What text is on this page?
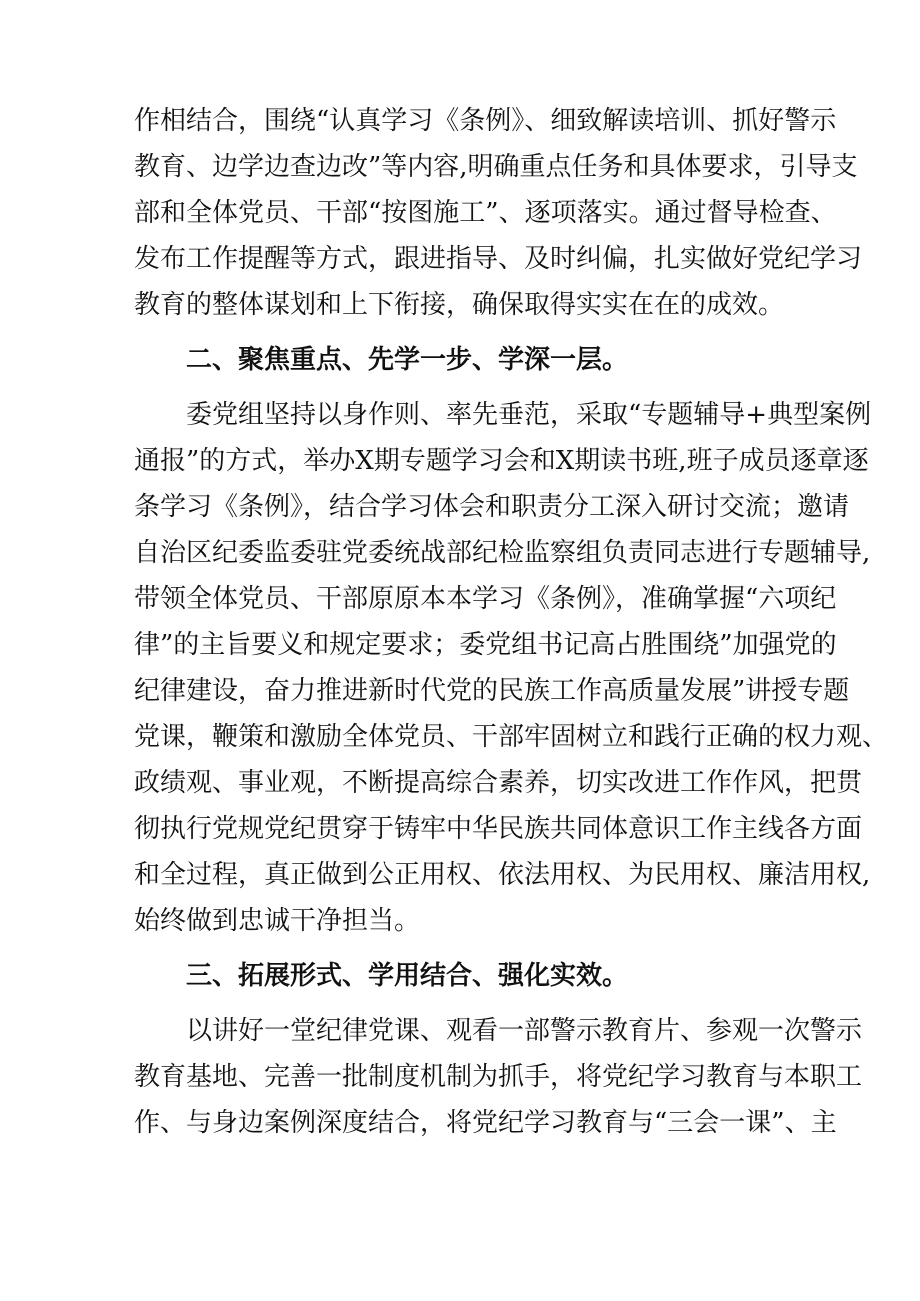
作相结合，围绕“认真学习《条例》、细致解读培训、抓好警示
教育、边学边查边改”等内容,明确重点任务和具体要求，引导支
部和全体党员、干部“按图施工”、逐项落实。通过督导检查、
发布工作提醒等方式，跟进指导、及时纠偏，扎实做好党纪学习
教育的整体谋划和上下衔接，确保取得实实在在的成效。
二、聚焦重点、先学一步、学深一层。
委党组坚持以身作则、率先垂范，采取“专题辅导+典型案例
通报”的方式，举办X期专题学习会和X期读书班,班子成员逐章逐
条学习《条例》，结合学习体会和职责分工深入研讨交流；邀请
自治区纪委监委驻党委统战部纪检监察组负责同志进行专题辅导,
带领全体党员、干部原原本本学习《条例》，准确掌握“六项纪
律”的主旨要义和规定要求；委党组书记高占胜围绕”加强党的
纪律建设，奋力推进新时代党的民族工作高质量发展”讲授专题
党课，鞭策和激励全体党员、干部牢固树立和践行正确的权力观、
政绩观、事业观，不断提高综合素养，切实改进工作作风，把贯
彻执行党规党纪贯穿于铸牢中华民族共同体意识工作主线各方面
和全过程，真正做到公正用权、依法用权、为民用权、廉洁用权,
始终做到忠诚干净担当。
三、拓展形式、学用结合、强化实效。
以讲好一堂纪律党课、观看一部警示教育片、参观一次警示
教育基地、完善一批制度机制为抓手，将党纪学习教育与本职工
作、与身边案例深度结合，将党纪学习教育与“三会一课”、主
